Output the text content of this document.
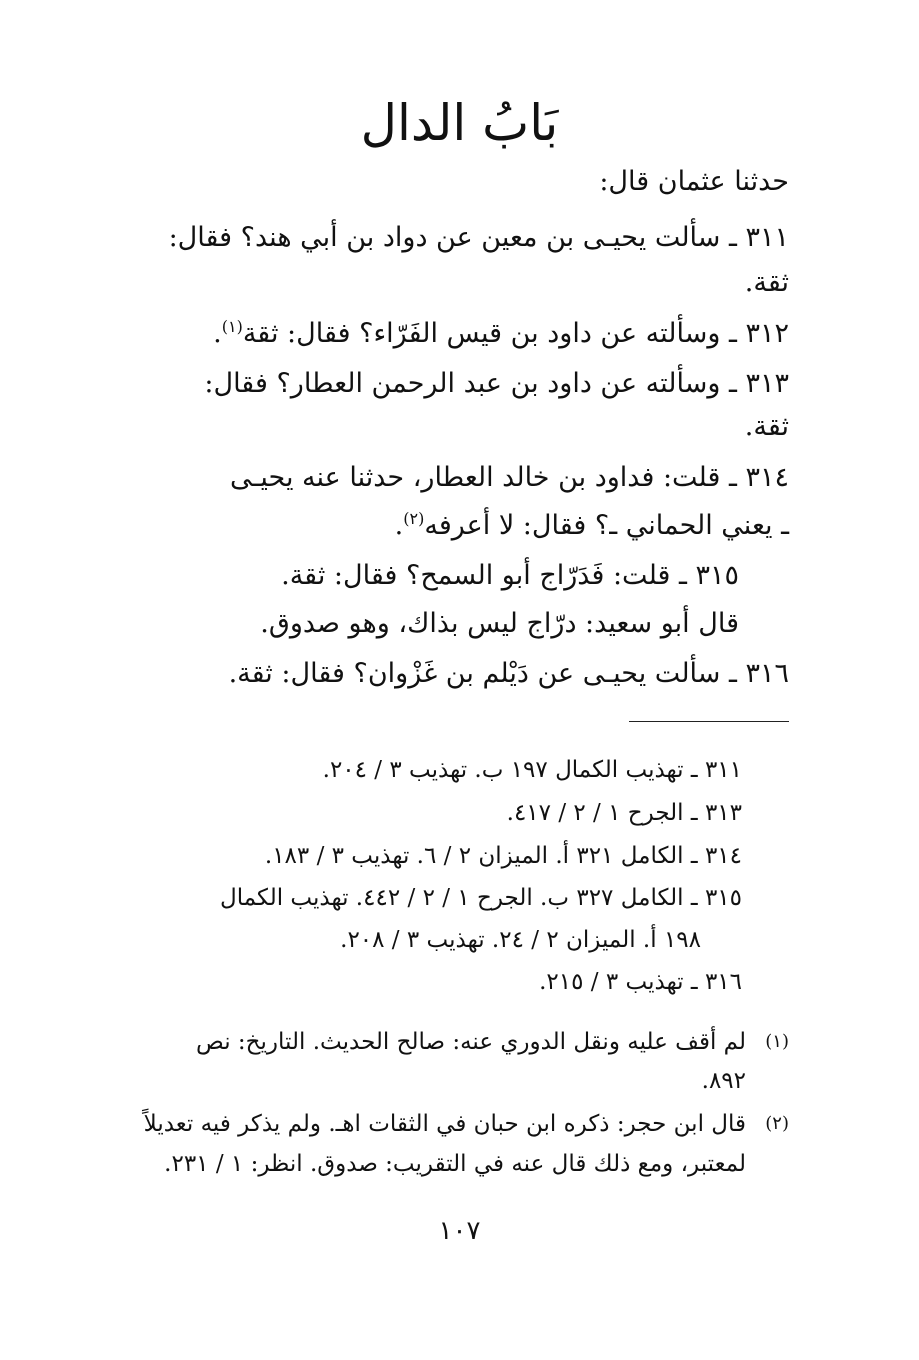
بَابُ الدال

حدثنا عثمان قال:

٣١١ ـ سألت يحيـى بن معين عن دواد بن أبي هند؟ فقال:

ثقة.

٣١٢ ـ وسألته عن داود بن قيس الفَرّاء؟ فقال: ثقة$^{(١)}$.

٣١٣ ـ وسألته عن داود بن عبد الرحمن العطار؟ فقال:

ثقة.

٣١٤ ـ قلت: فداود بن خالد العطار، حدثنا عنه يحيـى

ـ يعني الحماني ـ؟ فقال: لا أعرفه$^{(٢)}$.

٣١٥ ـ قلت: فَدَرّاج أبو السمح؟ فقال: ثقة.

قال أبو سعيد: درّاج ليس بذاك، وهو صدوق.

٣١٦ ـ سألت يحيـى عن دَيْلم بن غَزْوان؟ فقال: ثقة.

٣١١ ـ تهذيب الكمال ١٩٧ ب. تهذيب ٣ / ٢٠٤.

٣١٣ ـ الجرح ١ / ٢ / ٤١٧.

٣١٤ ـ الكامل ٣٢١ أ. الميزان ٢ / ٦. تهذيب ٣ / ١٨٣.

٣١٥ ـ الكامل ٣٢٧ ب. الجرح ١ / ٢ / ٤٤٢. تهذيب الكمال

١٩٨ أ. الميزان ٢ / ٢٤. تهذيب ٣ / ٢٠٨.

٣١٦ ـ تهذيب ٣ / ٢١٥.

(١)

لم أقف عليه ونقل الدوري عنه: صالح الحديث. التاريخ: نص

٨٩٢.

(٢)

قال ابن حجر: ذكره ابن حبان في الثقات اهـ. ولم يذكر فيه تعديلاً

لمعتبر، ومع ذلك قال عنه في التقريب: صدوق. انظر: ١ / ٢٣١.

١٠٧
